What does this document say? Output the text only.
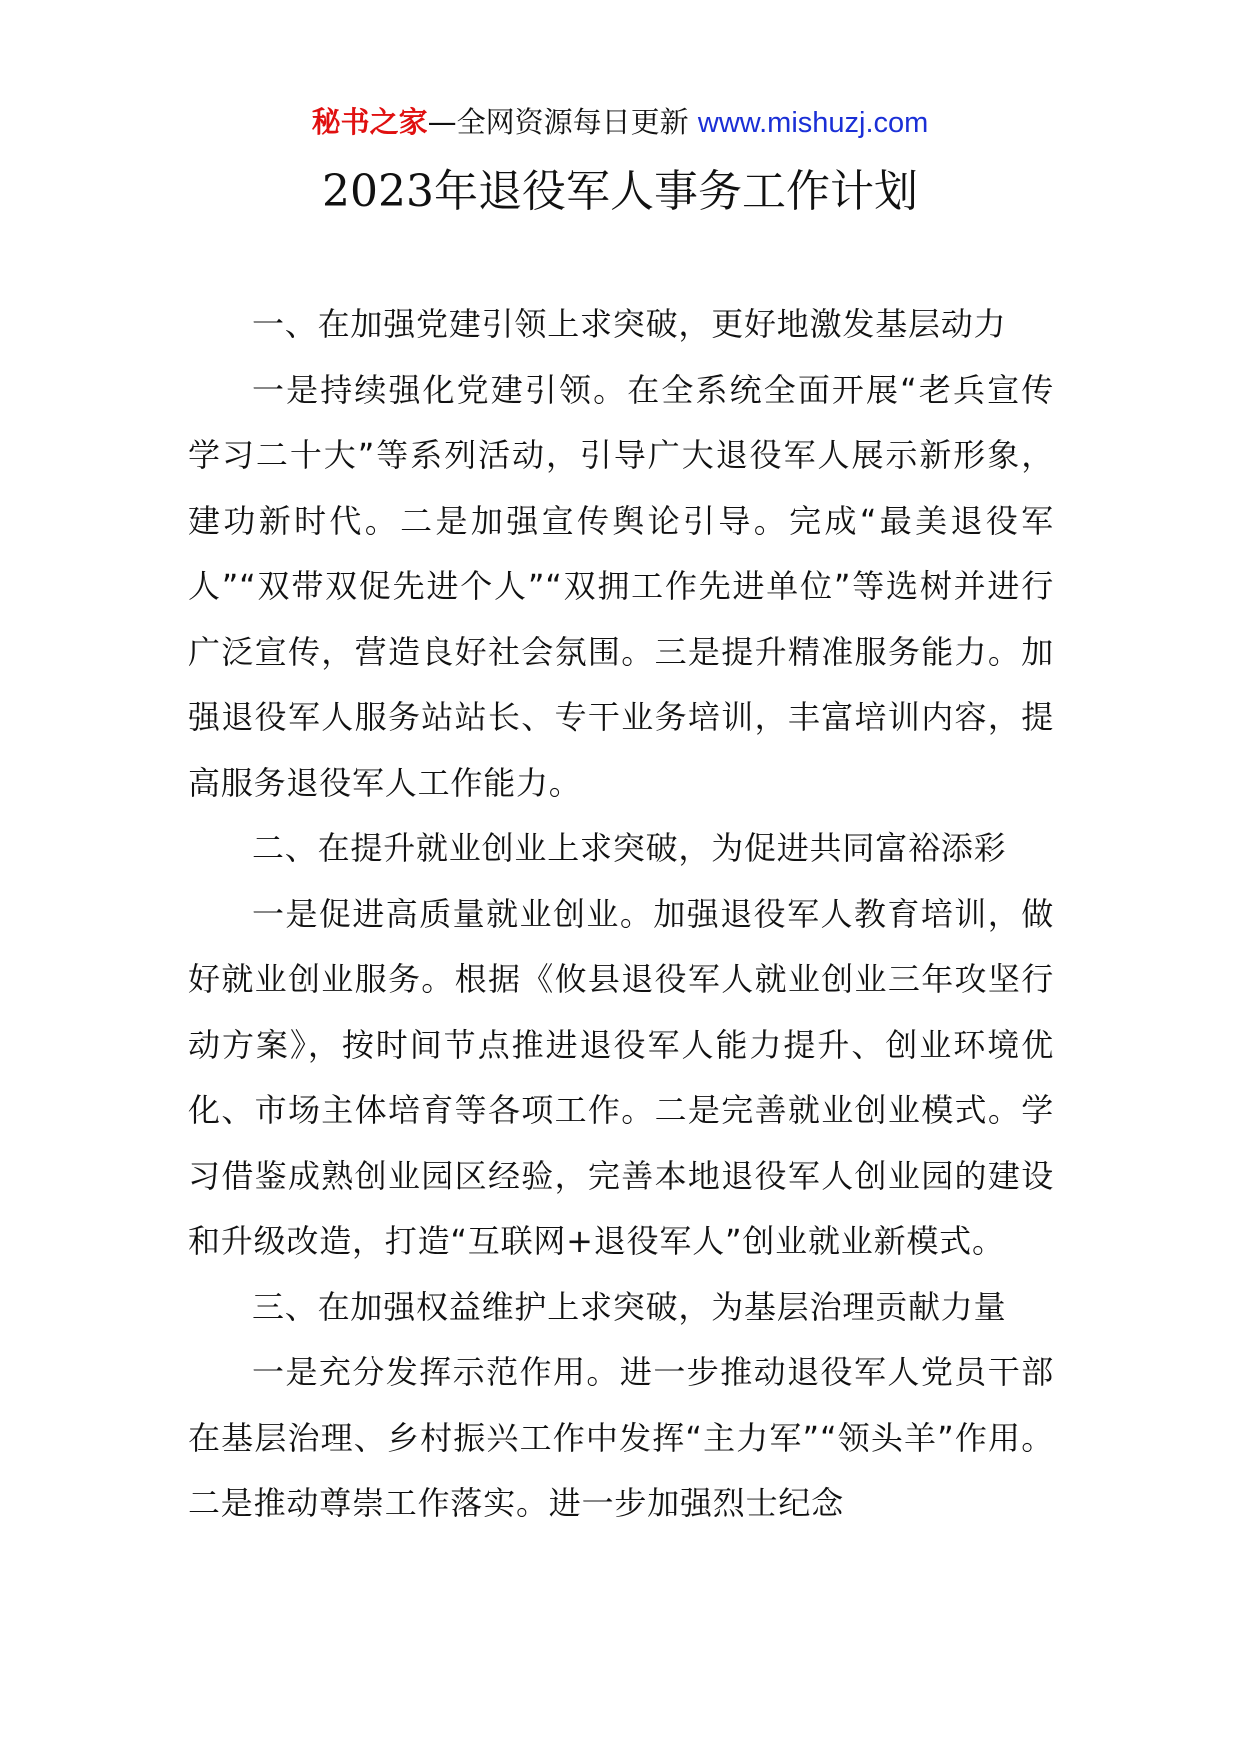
秘书之家—全网资源每日更新 www.mishuzj.com
2023年退役军人事务工作计划

一、在加强党建引领上求突破，更好地激发基层动力

一是持续强化党建引领。在全系统全面开展“老兵宣传学习二十大”等系列活动，引导广大退役军人展示新形象，建功新时代。二是加强宣传舆论引导。完成“最美退役军人”“双带双促先进个人”“双拥工作先进单位”等选树并进行广泛宣传，营造良好社会氛围。三是提升精准服务能力。加强退役军人服务站站长、专干业务培训，丰富培训内容，提高服务退役军人工作能力。

二、在提升就业创业上求突破，为促进共同富裕添彩

一是促进高质量就业创业。加强退役军人教育培训，做好就业创业服务。根据《攸县退役军人就业创业三年攻坚行动方案》，按时间节点推进退役军人能力提升、创业环境优化、市场主体培育等各项工作。二是完善就业创业模式。学习借鉴成熟创业园区经验，完善本地退役军人创业园的建设和升级改造，打造“互联网+退役军人”创业就业新模式。

三、在加强权益维护上求突破，为基层治理贡献力量

一是充分发挥示范作用。进一步推动退役军人党员干部在基层治理、乡村振兴工作中发挥“主力军”“领头羊”作用。二是推动尊崇工作落实。进一步加强烈士纪念
